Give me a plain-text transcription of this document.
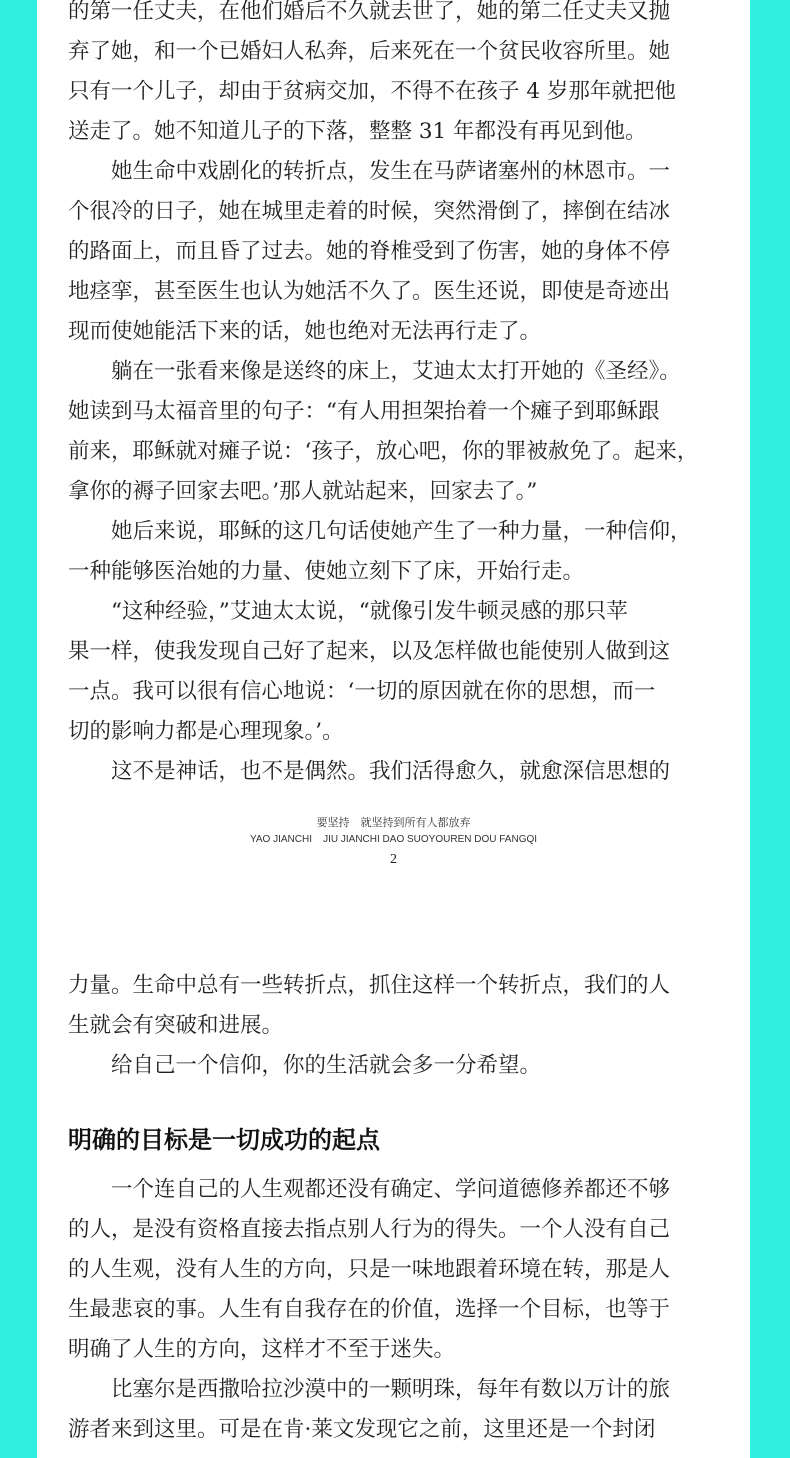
的第一任丈夫，在他们婚后不久就去世了，她的第二任丈夫又抛
弃了她，和一个已婚妇人私奔，后来死在一个贫民收容所里。她
只有一个儿子，却由于贫病交加，不得不在孩子 4 岁那年就把他
送走了。她不知道儿子的下落，整整 31 年都没有再见到他。
　　她生命中戏剧化的转折点，发生在马萨诸塞州的林恩市。一
个很冷的日子，她在城里走着的时候，突然滑倒了，摔倒在结冰
的路面上，而且昏了过去。她的脊椎受到了伤害，她的身体不停
地痉挛，甚至医生也认为她活不久了。医生还说，即使是奇迹出
现而使她能活下来的话，她也绝对无法再行走了。
　　躺在一张看来像是送终的床上，艾迪太太打开她的《圣经》。
她读到马太福音里的句子：“有人用担架抬着一个瘫子到耶稣跟
前来，耶稣就对瘫子说：‘孩子，放心吧，你的罪被赦免了。起来，
拿你的褥子回家去吧。’那人就站起来，回家去了。”
　　她后来说，耶稣的这几句话使她产生了一种力量，一种信仰，
一种能够医治她的力量、使她立刻下了床，开始行走。
　　“这种经验，”艾迪太太说，“就像引发牛顿灵感的那只苹
果一样，使我发现自己好了起来，以及怎样做也能使别人做到这
一点。我可以很有信心地说：‘一切的原因就在你的思想，而一
切的影响力都是心理现象。’。
　　这不是神话，也不是偶然。我们活得愈久，就愈深信思想的
要坚持　就坚持到所有人都放弃
YAO JIANCHI    JIU JIANCHI DAO SUOYOUREN DOU FANGQI
2
力量。生命中总有一些转折点，抓住这样一个转折点，我们的人
生就会有突破和进展。
　　给自己一个信仰，你的生活就会多一分希望。
明确的目标是一切成功的起点
　　一个连自己的人生观都还没有确定、学问道德修养都还不够
的人，是没有资格直接去指点别人行为的得失。一个人没有自己
的人生观，没有人生的方向，只是一味地跟着环境在转，那是人
生最悲哀的事。人生有自我存在的价值，选择一个目标，也等于
明确了人生的方向，这样才不至于迷失。
　　比塞尔是西撒哈拉沙漠中的一颗明珠，每年有数以万计的旅
游者来到这里。可是在肯·莱文发现它之前，这里还是一个封闭
